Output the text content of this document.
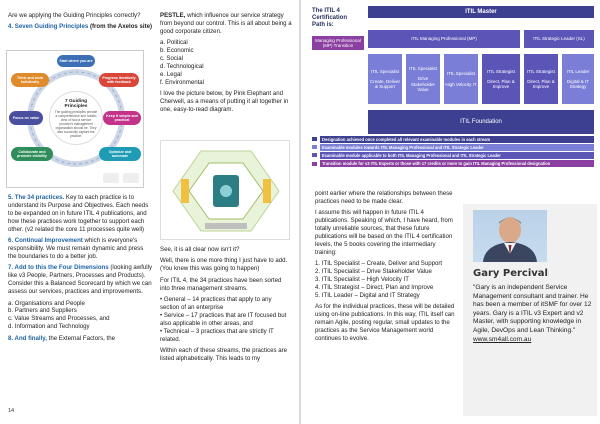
Are we applying the Guiding Principles correctly?

4. Seven Guiding Principles (from the Axelos site)

7 Guiding Principles
The guiding principles provide a comprehensive and holistic view of how a service provider's management organization should be. They also succinctly capture the practice.
Start where you are
Progress iteratively with feedback
Collaborate and promote visibility
Think and work holistically
Keep it simple and practical
Optimize and automate
Focus on value

5. The 34 practices. Key to each practice is to understand its Purpose and Objectives. Each needs to be expanded on in future ITIL 4 publications, and how these practices work together to support each other. (v2 related the core 11 processes quite well)

6. Continual Improvement which is everyone's responsibility. We must remain dynamic and press the boundaries to do a better job.

7. Add to this the Four Dimensions (looking awfully like v3 People, Partners, Processes and Products). Consider this a Balanced Scorecard by which we can assess our services, practices and improvements.

a. Organisations and People
b. Partners and Suppliers
c. Value Streams and Processes, and
d. Information and Technology

8. And finally, the External Factors, the

PESTLE, which influence our service strategy from beyond our control. This is all about being a good corporate citizen.

a. Political
b. Economic
c. Social
d. Technological
e. Legal
f. Environmental

I love the picture below, by Pink Elephant and Cherwell, as a means of putting it all together in one, easy-to-read diagram.

See, it is all clear now isn't it?

Well, there is one more thing I just have to add. (You knew this was going to happen)

For ITIL 4, the 34 practices have been sorted into three management streams.

• General – 14 practices that apply to any section of an enterprise
• Service – 17 practices that are IT focused but also applicable in other areas, and
• Technical – 3 practices that are strictly IT related.

Within each of these streams, the practices are listed alphabetically. This leads to my

14
The ITIL 4 Certification Path is:
ITIL Master
Managing Professional (MP) Transition
ITIL Managing Professional (MP)	ITIL Strategic Leader (SL)
ITIL Specialist
Create, Deliver & Support
ITIL Specialist
Drive Stakeholder Value
ITIL Specialist
High Velocity IT
ITIL Strategist
Direct, Plan & Improve
ITIL Strategist
Direct, Plan & Improve
ITIL Leader
Digital & IT Strategy
ITIL Foundation
Designation achieved once completed all relevant examinable modules in each stream
Examinable modules towards ITIL Managing Professional and ITIL Strategic Leader
Examinable module applicable to both ITIL Managing Professional and ITIL Strategic Leader
Transition module for v3 ITIL Experts or those with 17 credits or more to gain ITIL Managing Professional designation

point earlier where the relationships between these practices need to be made clear.

I assume this will happen in future ITIL 4 publications. Speaking of which, I have heard, from totally unreliable sources, that these future publications will be based on the ITIL 4 certification levels, the 5 books covering the intermediary training:

1. ITIL Specialist – Create, Deliver and Support
2. ITIL Specialist – Drive Stakeholder Value
3. ITIL Specialist – High Velocity IT
4. ITIL Strategist – Direct, Plan and Improve
5. ITIL Leader – Digital and IT Strategy

As for the individual practices, these will be detailed using on-line publications. In this way, ITIL itself can remain Agile, posting regular, small updates to the practices as the Service Management world continues to evolve.

Gary Percival
"Gary is an independent Service Management consultant and trainer. He has been a member of itSMF for over 12 years. Gary is a ITIL v3 Expert and v2 Master, with supporting knowledge in Agile, DevOps and Lean Thinking."
www.sm4all.com.au
